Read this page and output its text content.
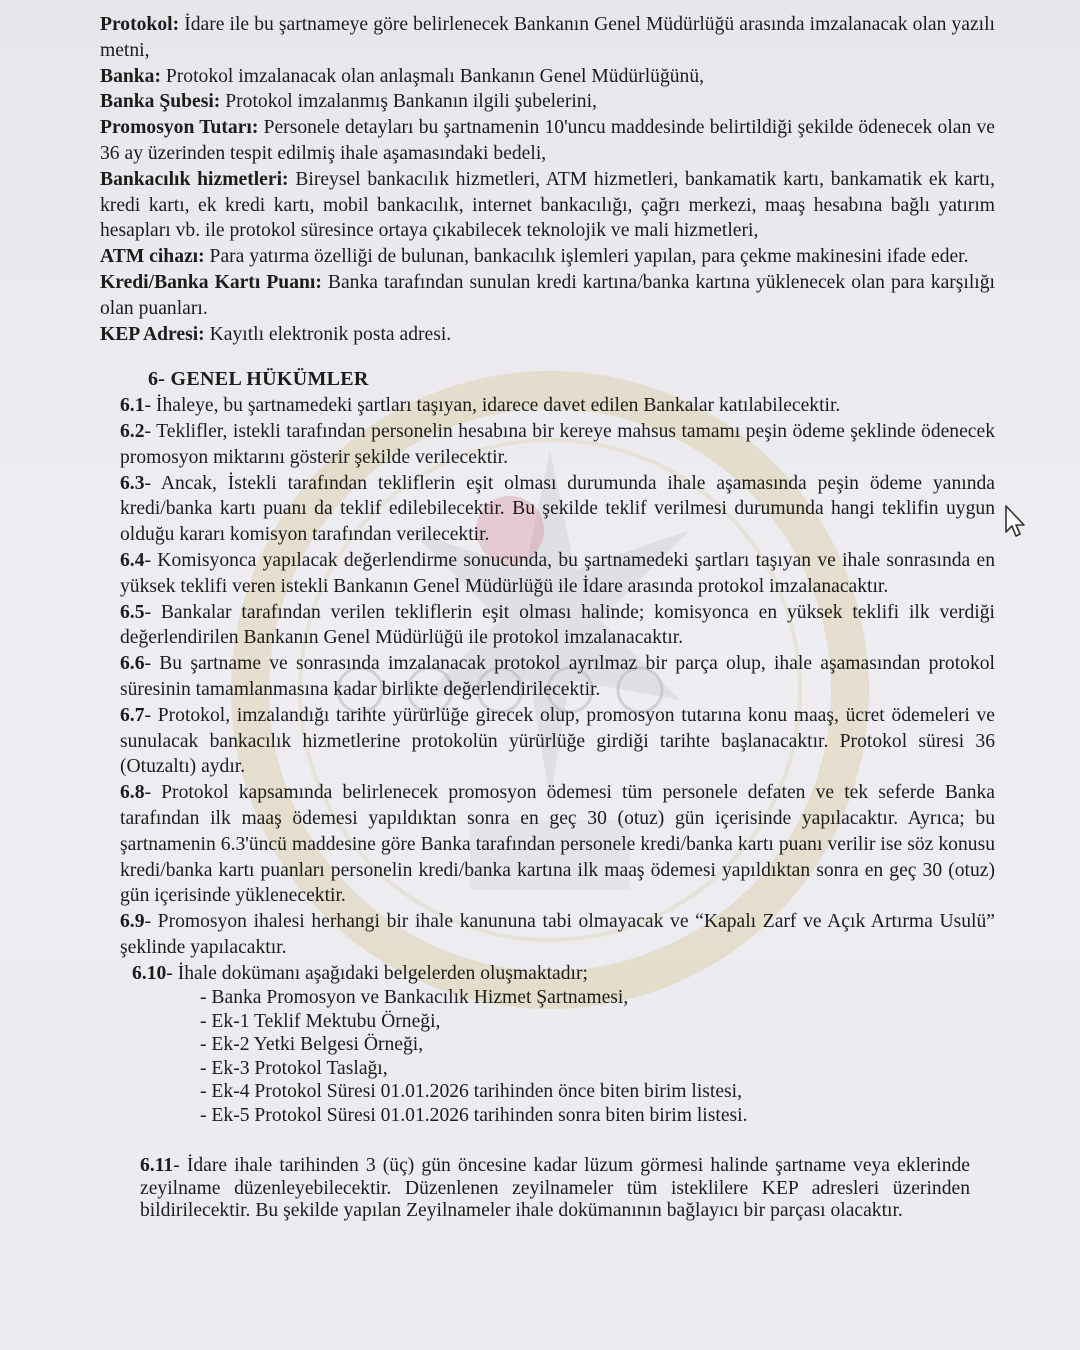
Protokol: İdare ile bu şartnameye göre belirlenecek Bankanın Genel Müdürlüğü arasında imzalanacak olan yazılı metni,

Banka: Protokol imzalanacak olan anlaşmalı Bankanın Genel Müdürlüğünü,

Banka Şubesi: Protokol imzalanmış Bankanın ilgili şubelerini,

Promosyon Tutarı: Personele detayları bu şartnamenin 10'uncu maddesinde belirtildiği şekilde ödenecek olan ve 36 ay üzerinden tespit edilmiş ihale aşamasındaki bedeli,

Bankacılık hizmetleri: Bireysel bankacılık hizmetleri, ATM hizmetleri, bankamatik kartı, bankamatik ek kartı, kredi kartı, ek kredi kartı, mobil bankacılık, internet bankacılığı, çağrı merkezi, maaş hesabına bağlı yatırım hesapları vb. ile protokol süresince ortaya çıkabilecek teknolojik ve mali hizmetleri,

ATM cihazı: Para yatırma özelliği de bulunan, bankacılık işlemleri yapılan, para çekme makinesini ifade eder.

Kredi/Banka Kartı Puanı: Banka tarafından sunulan kredi kartına/banka kartına yüklenecek olan para karşılığı olan puanları.

KEP Adresi: Kayıtlı elektronik posta adresi.

6- GENEL HÜKÜMLER

6.1- İhaleye, bu şartnamedeki şartları taşıyan, idarece davet edilen Bankalar katılabilecektir.

6.2- Teklifler, istekli tarafından personelin hesabına bir kereye mahsus tamamı peşin ödeme şeklinde ödenecek promosyon miktarını gösterir şekilde verilecektir.

6.3- Ancak, İstekli tarafından tekliflerin eşit olması durumunda ihale aşamasında peşin ödeme yanında kredi/banka kartı puanı da teklif edilebilecektir. Bu şekilde teklif verilmesi durumunda hangi teklifin uygun olduğu kararı komisyon tarafından verilecektir.

6.4- Komisyonca yapılacak değerlendirme sonucunda, bu şartnamedeki şartları taşıyan ve ihale sonrasında en yüksek teklifi veren istekli Bankanın Genel Müdürlüğü ile İdare arasında protokol imzalanacaktır.

6.5- Bankalar tarafından verilen tekliflerin eşit olması halinde; komisyonca en yüksek teklifi ilk verdiği değerlendirilen Bankanın Genel Müdürlüğü ile protokol imzalanacaktır.

6.6- Bu şartname ve sonrasında imzalanacak protokol ayrılmaz bir parça olup, ihale aşamasından protokol süresinin tamamlanmasına kadar birlikte değerlendirilecektir.

6.7- Protokol, imzalandığı tarihte yürürlüğe girecek olup, promosyon tutarına konu maaş, ücret ödemeleri ve sunulacak bankacılık hizmetlerine protokolün yürürlüğe girdiği tarihte başlanacaktır. Protokol süresi 36 (Otuzaltı) aydır.

6.8- Protokol kapsamında belirlenecek promosyon ödemesi tüm personele defaten ve tek seferde Banka tarafından ilk maaş ödemesi yapıldıktan sonra en geç 30 (otuz) gün içerisinde yapılacaktır. Ayrıca; bu şartnamenin 6.3'üncü maddesine göre Banka tarafından personele kredi/banka kartı puanı verilir ise söz konusu kredi/banka kartı puanları personelin kredi/banka kartına ilk maaş ödemesi yapıldıktan sonra en geç 30 (otuz) gün içerisinde yüklenecektir.

6.9- Promosyon ihalesi herhangi bir ihale kanununa tabi olmayacak ve “Kapalı Zarf ve Açık Artırma Usulü” şeklinde yapılacaktır.

6.10- İhale dokümanı aşağıdaki belgelerden oluşmaktadır;

- Banka Promosyon ve Bankacılık Hizmet Şartnamesi,
- Ek-1 Teklif Mektubu Örneği,
- Ek-2 Yetki Belgesi Örneği,
- Ek-3 Protokol Taslağı,
- Ek-4 Protokol Süresi 01.01.2026 tarihinden önce biten birim listesi,
- Ek-5 Protokol Süresi 01.01.2026 tarihinden sonra biten birim listesi.

6.11- İdare ihale tarihinden 3 (üç) gün öncesine kadar lüzum görmesi halinde şartname veya eklerinde zeyilname düzenleyebilecektir. Düzenlenen zeyilnameler tüm isteklilere KEP adresleri üzerinden bildirilecektir. Bu şekilde yapılan Zeyilnameler ihale dokümanının bağlayıcı bir parçası olacaktır.
